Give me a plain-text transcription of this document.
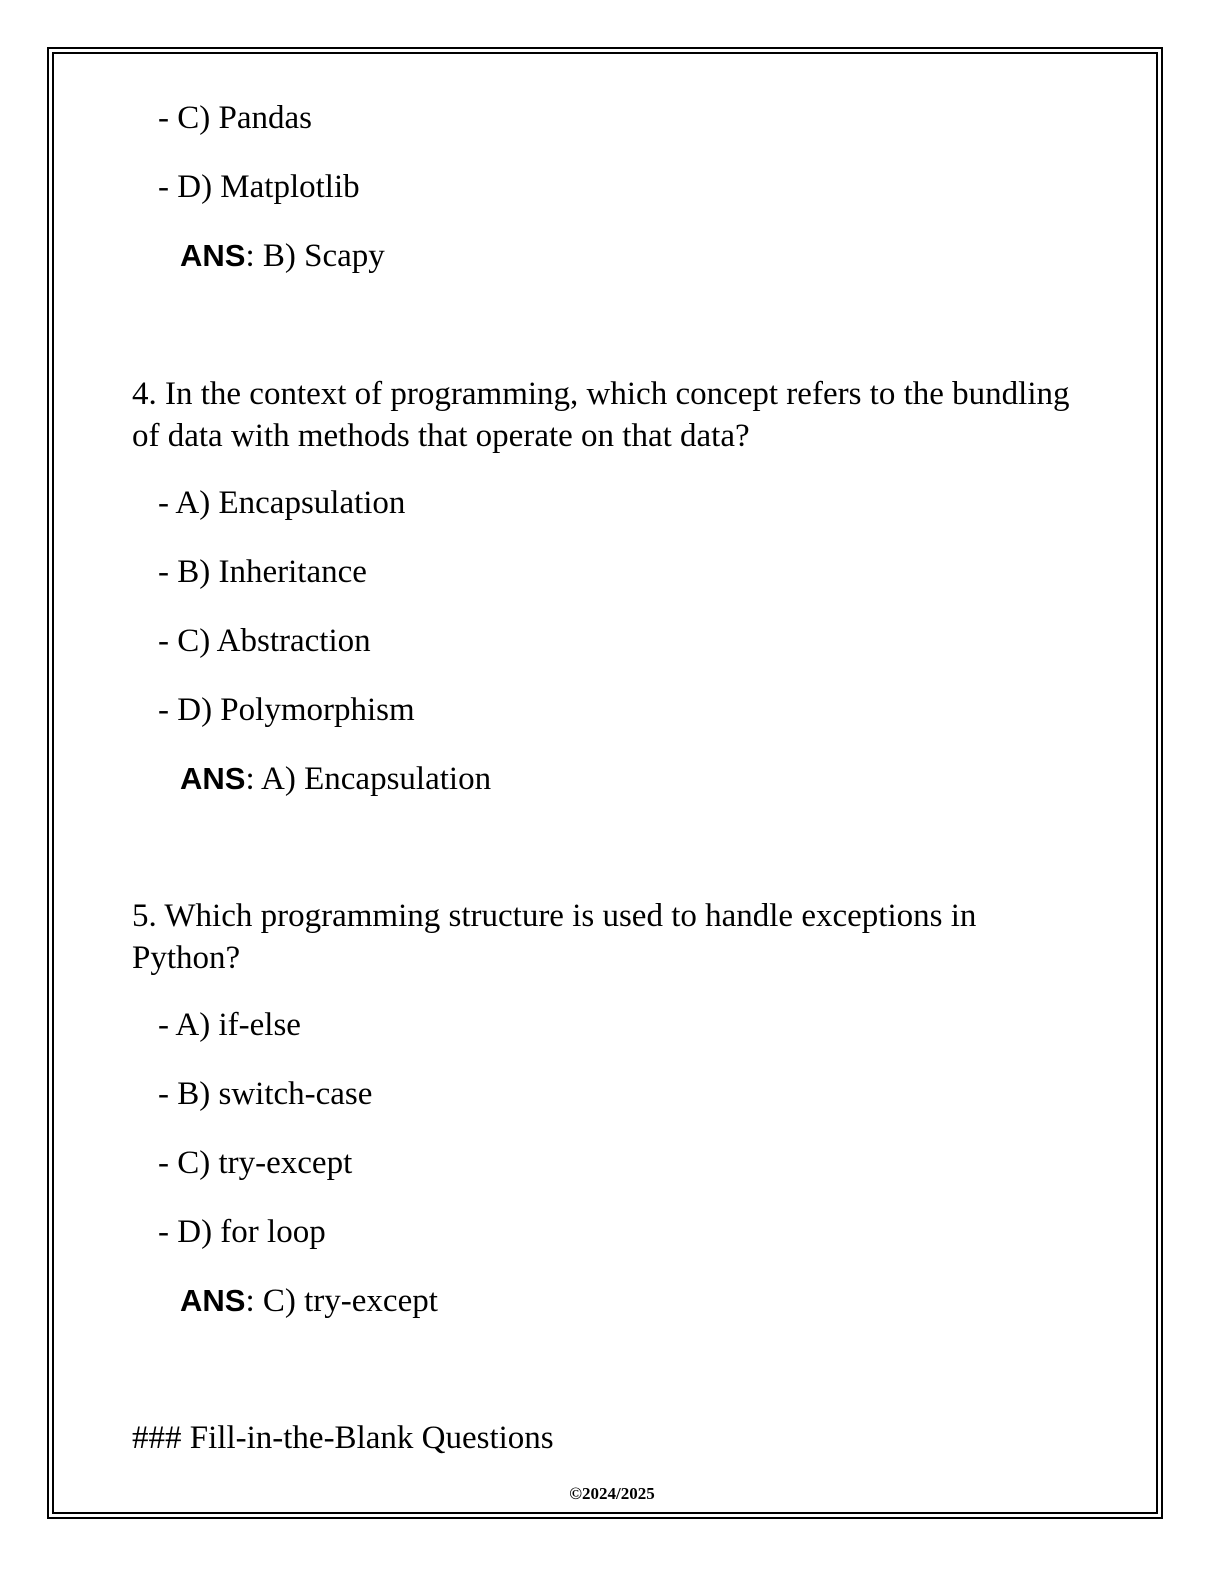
- C) Pandas
- D) Matplotlib
ANS: B) Scapy
4. In the context of programming, which concept refers to the bundling of data with methods that operate on that data?
- A) Encapsulation
- B) Inheritance
- C) Abstraction
- D) Polymorphism
ANS: A) Encapsulation
5. Which programming structure is used to handle exceptions in Python?
- A) if-else
- B) switch-case
- C) try-except
- D) for loop
ANS: C) try-except
### Fill-in-the-Blank Questions
©2024/2025
